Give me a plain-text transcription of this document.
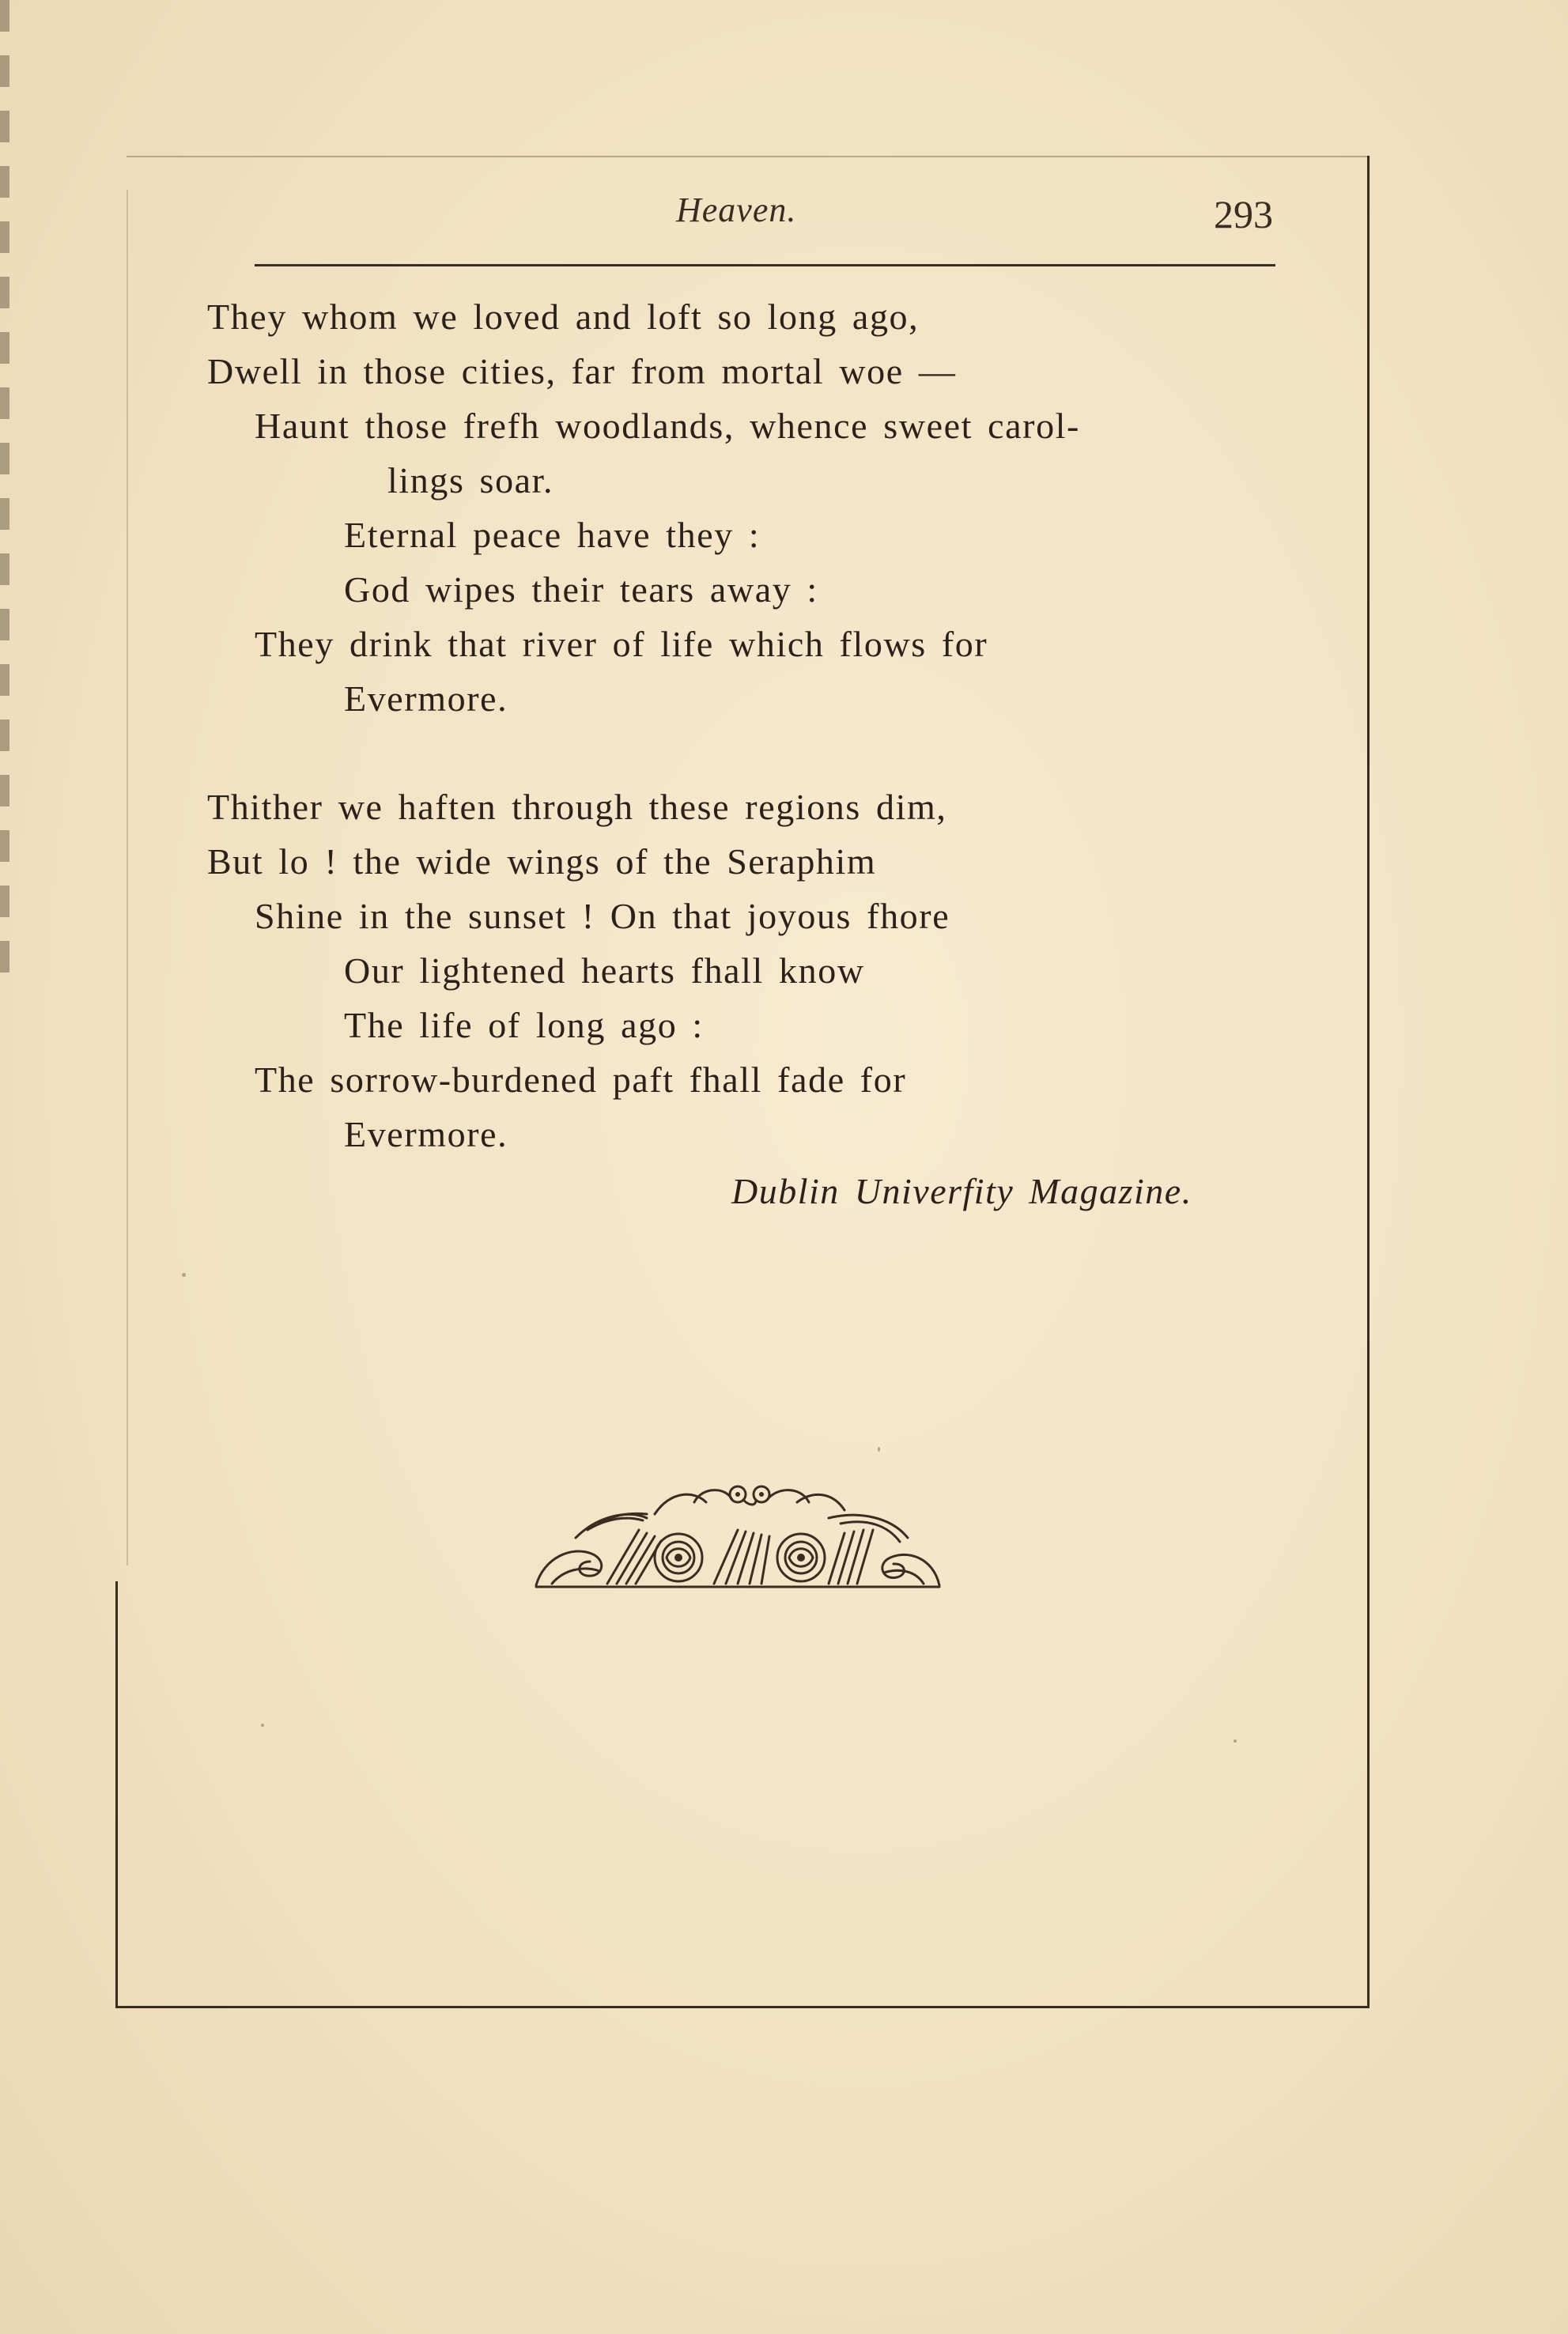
Heaven.	293
They whom we loved and loft so long ago,
Dwell in those cities, far from mortal woe —
Haunt those frefh woodlands, whence sweet carol-
lings soar.
Eternal peace have they :
God wipes their tears away :
They drink that river of life which flows for
Evermore.
Thither we haften through these regions dim,
But lo ! the wide wings of the Seraphim
Shine in the sunset ! On that joyous fhore
Our lightened hearts fhall know
The life of long ago :
The sorrow-burdened paft fhall fade for
Evermore.
Dublin Univerfity Magazine.
